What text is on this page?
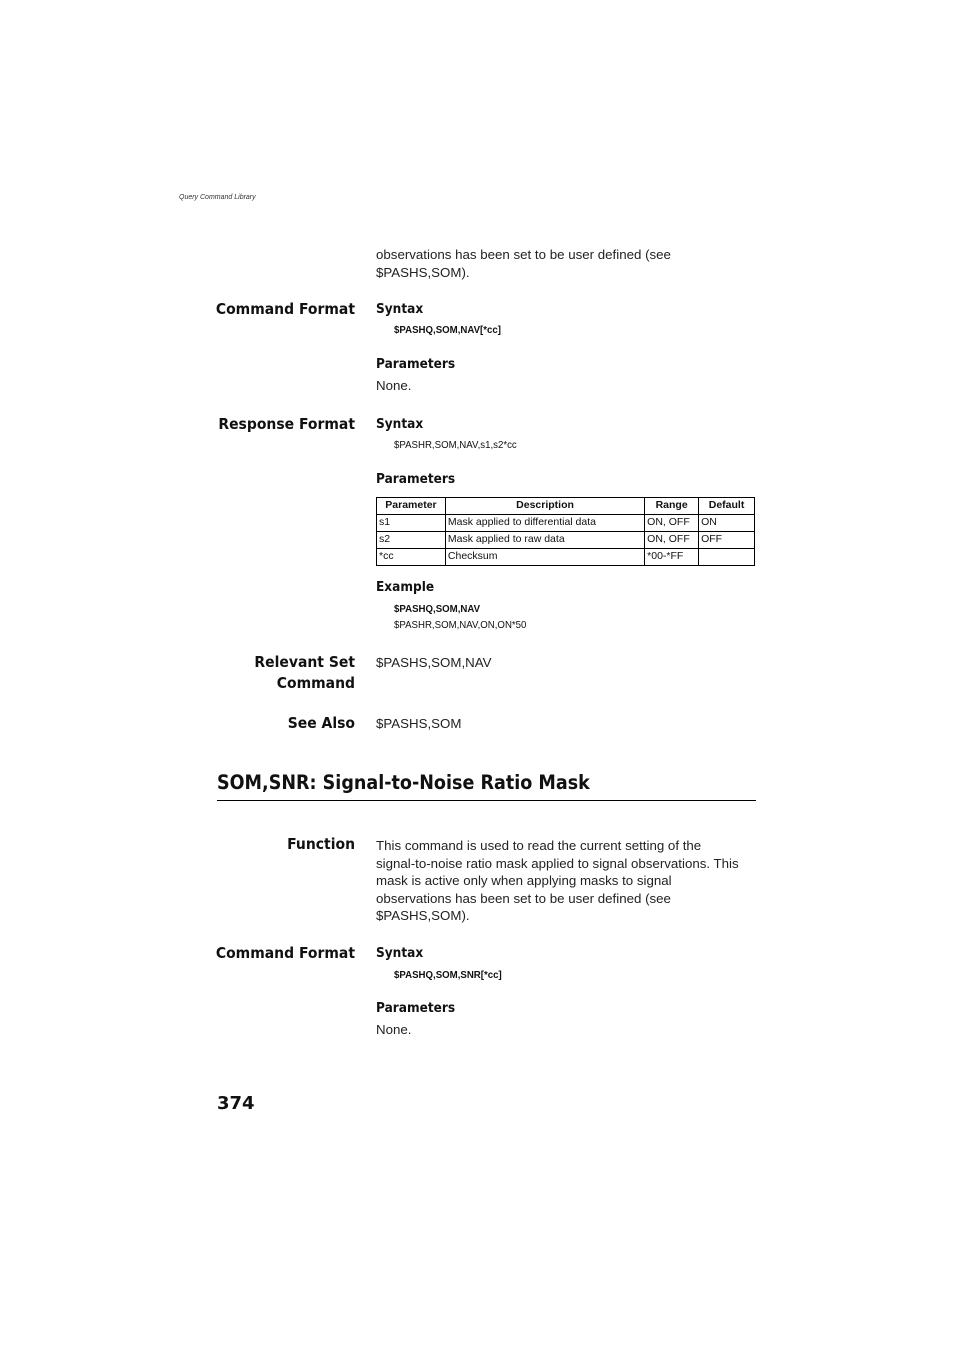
Query Command Library
observations has been set to be user defined (see $PASHS,SOM).
Command Format Syntax
$PASHQ,SOM,NAV[*cc]
Parameters
None.
Response Format Syntax
$PASHR,SOM,NAV,s1,s2*cc
Parameters
Parameter	Description	Range	Default
s1	Mask applied to differential data	ON, OFF	ON
s2	Mask applied to raw data	ON, OFF	OFF
*cc	Checksum	*00-*FF	
Example
$PASHQ,SOM,NAV
$PASHR,SOM,NAV,ON,ON*50
Relevant Set
Command
$PASHS,SOM,NAV
See Also $PASHS,SOM
SOM,SNR: Signal-to-Noise Ratio Mask
Function This command is used to read the current setting of the
signal-to-noise ratio mask applied to signal observations. This
mask is active only when applying masks to signal
observations has been set to be user defined (see
$PASHS,SOM).
Command Format Syntax
$PASHQ,SOM,SNR[*cc]
Parameters
None.
374
